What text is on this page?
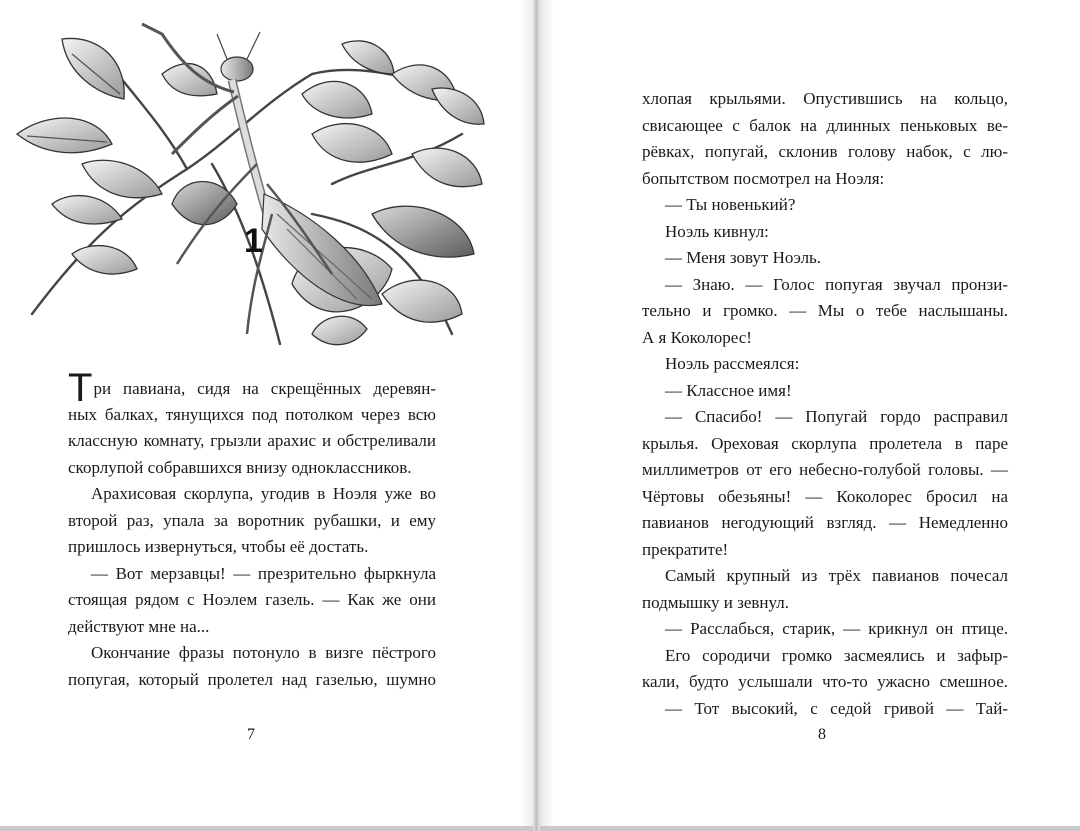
1
Три павиана, сидя на скрещённых деревян-
ных балках, тянущихся под потолком через всю
классную комнату, грызли арахис и обстреливали
скорлупой собравшихся внизу одноклассников.
Арахисовая скорлупа, угодив в Ноэля уже во
второй раз, упала за воротник рубашки, и ему
пришлось извернуться, чтобы её достать.
— Вот мерзавцы! — презрительно фыркнула
стоящая рядом с Ноэлем газель. — Как же они
действуют мне на...
Окончание фразы потонуло в визге пёстрого
попугая, который пролетел над газелью, шумно
7	8
хлопая крыльями. Опустившись на кольцо,
свисающее с балок на длинных пеньковых ве-
рёвках, попугай, склонив голову набок, с лю-
бопытством посмотрел на Ноэля:
— Ты новенький?
Ноэль кивнул:
— Меня зовут Ноэль.
— Знаю. — Голос попугая звучал пронзи-
тельно и громко. — Мы о тебе наслышаны.
А я Коколорес!
Ноэль рассмеялся:
— Классное имя!
— Спасибо! — Попугай гордо расправил
крылья. Ореховая скорлупа пролетела в паре
миллиметров от его небесно-голубой головы. —
Чёртовы обезьяны! — Коколорес бросил на
павианов негодующий взгляд. — Немедленно
прекратите!
Самый крупный из трёх павианов почесал
подмышку и зевнул.
— Расслабься, старик, — крикнул он птице.
Его сородичи громко засмеялись и зафыр-
кали, будто услышали что-то ужасно смешное.
— Тот высокий, с седой гривой — Тай-
